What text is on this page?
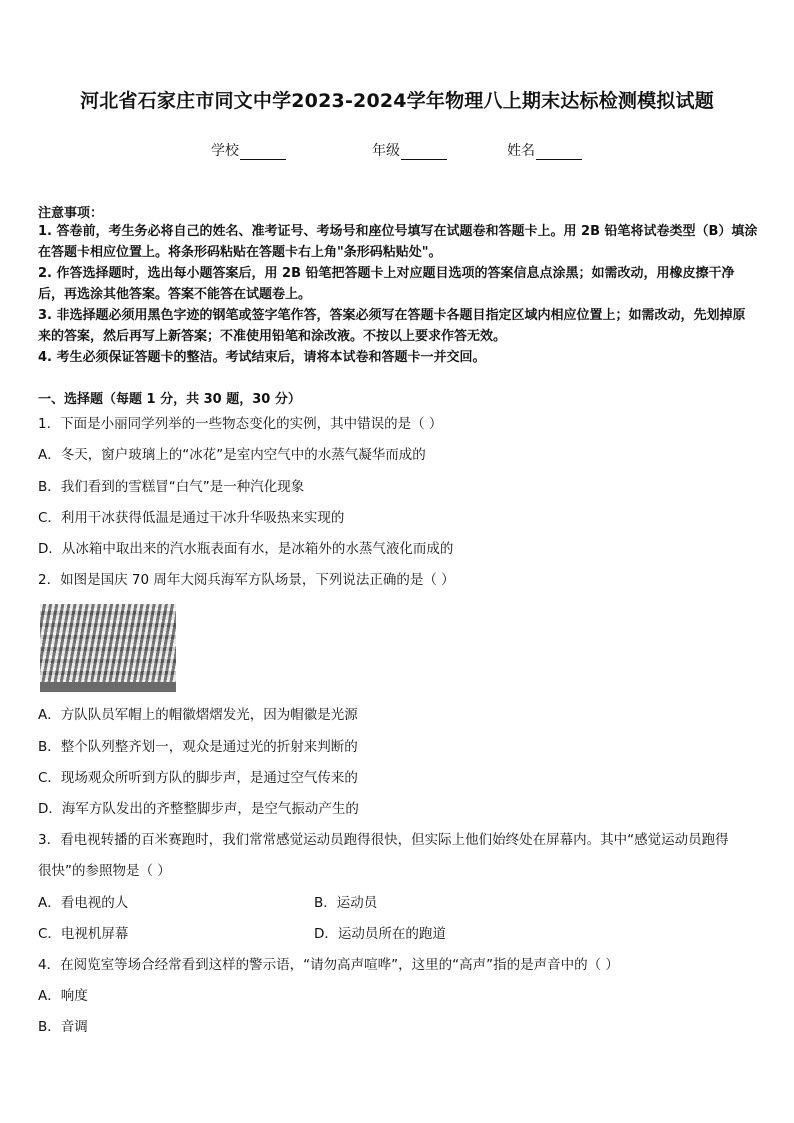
河北省石家庄市同文中学2023-2024学年物理八上期末达标检测模拟试题
学校	年级	姓名
注意事项：
1. 答卷前，考生务必将自己的姓名、准考证号、考场号和座位号填写在试题卷和答题卡上。用 2B 铅笔将试卷类型（B）填涂在答题卡相应位置上。将条形码粘贴在答题卡右上角"条形码粘贴处"。
2. 作答选择题时，选出每小题答案后，用 2B 铅笔把答题卡上对应题目选项的答案信息点涂黑；如需改动，用橡皮擦干净后，再选涂其他答案。答案不能答在试题卷上。
3. 非选择题必须用黑色字迹的钢笔或签字笔作答，答案必须写在答题卡各题目指定区域内相应位置上；如需改动，先划掉原来的答案，然后再写上新答案；不准使用铅笔和涂改液。不按以上要求作答无效。
4. 考生必须保证答题卡的整洁。考试结束后，请将本试卷和答题卡一并交回。
一、选择题（每题 1 分，共 30 题，30 分）
1．下面是小丽同学列举的一些物态变化的实例，其中错误的是（ ）
A．冬天，窗户玻璃上的“冰花”是室内空气中的水蒸气凝华而成的
B．我们看到的雪糕冒“白气”是一种汽化现象
C．利用干冰获得低温是通过干冰升华吸热来实现的
D．从冰箱中取出来的汽水瓶表面有水，是冰箱外的水蒸气液化而成的
2．如图是国庆 70 周年大阅兵海军方队场景，下列说法正确的是（ ）
A．方队队员军帽上的帽徽熠熠发光，因为帽徽是光源
B．整个队列整齐划一，观众是通过光的折射来判断的
C．现场观众所听到方队的脚步声，是通过空气传来的
D．海军方队发出的齐整整脚步声，是空气振动产生的
3．看电视转播的百米赛跑时，我们常常感觉运动员跑得很快，但实际上他们始终处在屏幕内。其中“感觉运动员跑得
很快”的参照物是（ ）
A．看电视的人	B．运动员
C．电视机屏幕	D．运动员所在的跑道
4．在阅览室等场合经常看到这样的警示语，“请勿高声喧哗”，这里的“高声”指的是声音中的（ ）
A．响度
B．音调
